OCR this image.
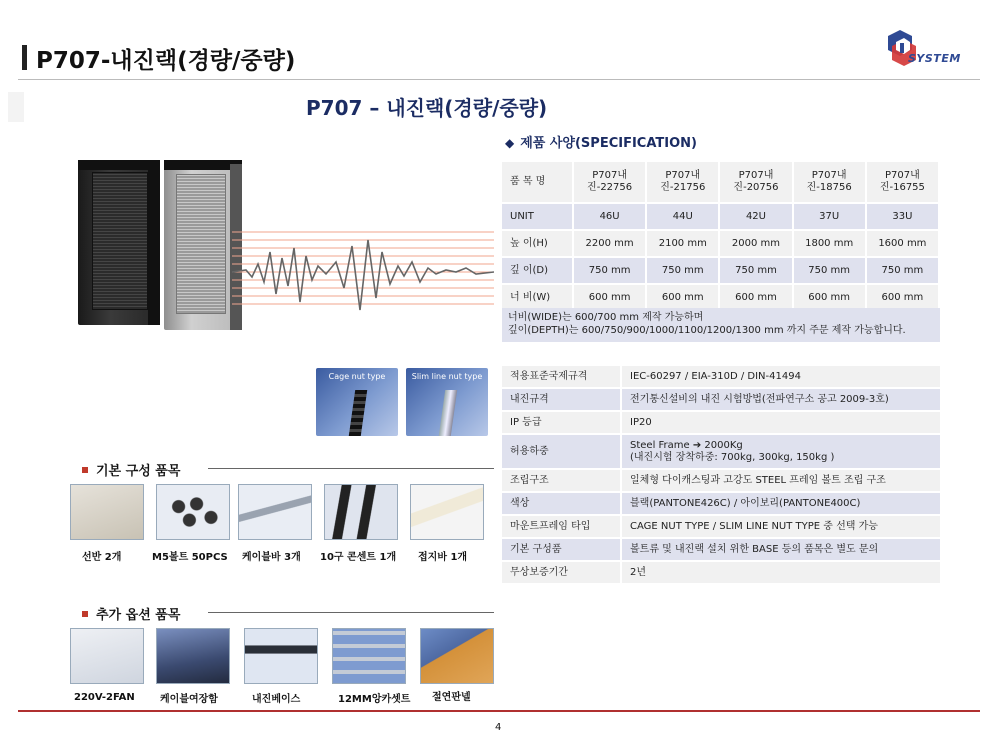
P707-내진랙(경량/중량)	SYSTEM
P707 – 내진랙(경량/중량)
◆ 제품 사양(SPECIFICATION)
품 목 명	P707내진-22756	P707내진-21756	P707내진-20756	P707내진-18756	P707내진-16755
UNIT	46U	44U	42U	37U	33U
높 이(H)	2200 mm	2100 mm	2000 mm	1800 mm	1600 mm
깊 이(D)	750 mm	750 mm	750 mm	750 mm	750 mm
너 비(W)	600 mm	600 mm	600 mm	600 mm	600 mm
너비(WIDE)는 600/700 mm 제작 가능하며
깊이(DEPTH)는 600/750/900/1000/1100/1200/1300 mm 까지 주문 제작 가능합니다.
Cage nut type	Slim line nut type	적용표준국제규격	IEC-60297 / EIA-310D / DIN-41494
내진규격	전기통신설비의 내진 시험방법(전파연구소 공고 2009-3호)
IP 등급	IP20
허용하중	Steel Frame ➔ 2000Kg
(내진시험 장착하중: 700kg, 300kg, 150kg )

조립구조	일체형 다이캐스팅과 고강도 STEEL 프레임 볼트 조립 구조
색상	블랙(PANTONE426C) / 아이보리(PANTONE400C)
마운트프레임 타입	CAGE NUT TYPE / SLIM LINE NUT TYPE 중 선택 가능
기본 구성품	볼트류 및 내진랙 설치 위한 BASE 등의 품목은 별도 문의
무상보증기간	2년
기본 구성 품목
선반 2개	M5볼트 50PCS 케이블바 3개 10구 콘센트 1개 접지바 1개
추가 옵션 품목
220V-2FAN	케이블여장함	내진베이스	12MM앙카셋트 절연판넬
4
